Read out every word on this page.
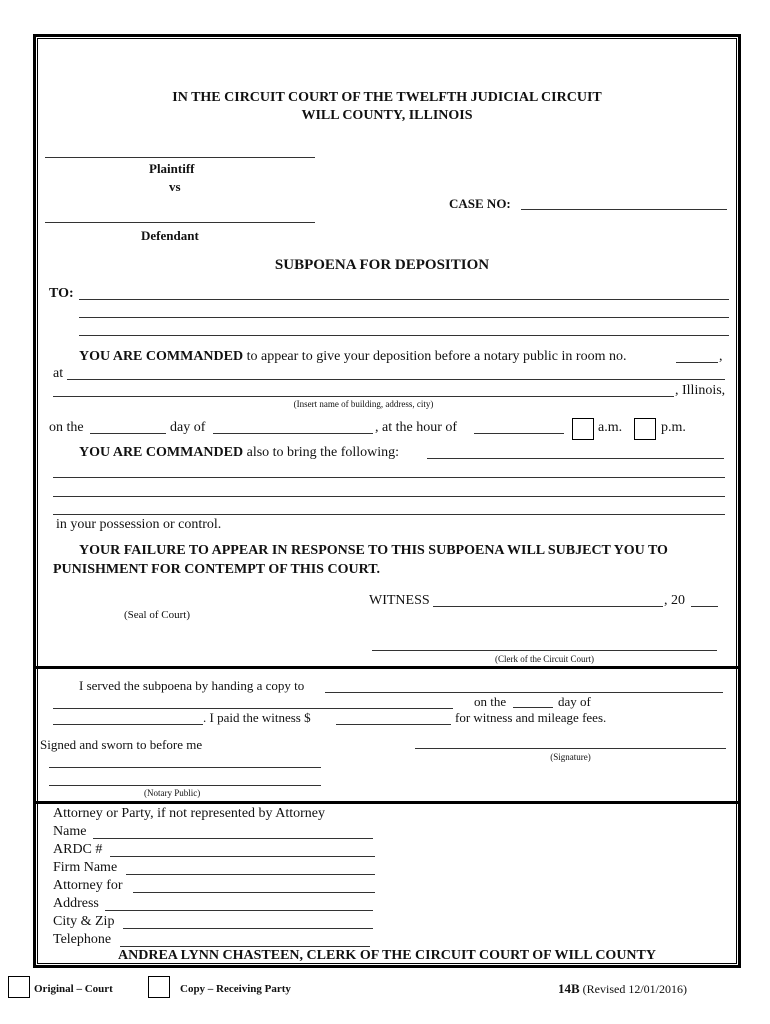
IN THE CIRCUIT COURT OF THE TWELFTH JUDICIAL CIRCUIT
WILL COUNTY, ILLINOIS
Plaintiff
vs
CASE NO:
Defendant
SUBPOENA FOR DEPOSITION
TO:
YOU ARE COMMANDED to appear to give your deposition before a notary public in room no.	,
at
, Illinois,
(Insert name of building, address, city)
on the	day of	, at the hour of	a.m.	p.m.
YOU ARE COMMANDED also to bring the following:
in your possession or control.
YOUR FAILURE TO APPEAR IN RESPONSE TO THIS SUBPOENA WILL SUBJECT YOU TO
PUNISHMENT FOR CONTEMPT OF THIS COURT.
WITNESS	, 20
(Seal of Court)
(Clerk of the Circuit Court)
I served the subpoena by handing a copy to
on the	day of
. I paid the witness $	for witness and mileage fees.
Signed and sworn to before me
(Signature)
(Notary Public)
Attorney or Party, if not represented by Attorney
Name
ARDC #
Firm Name
Attorney for
Address
City & Zip
Telephone
ANDREA LYNN CHASTEEN, CLERK OF THE CIRCUIT COURT OF WILL COUNTY
Original – Court	Copy – Receiving Party	14B (Revised 12/01/2016)
